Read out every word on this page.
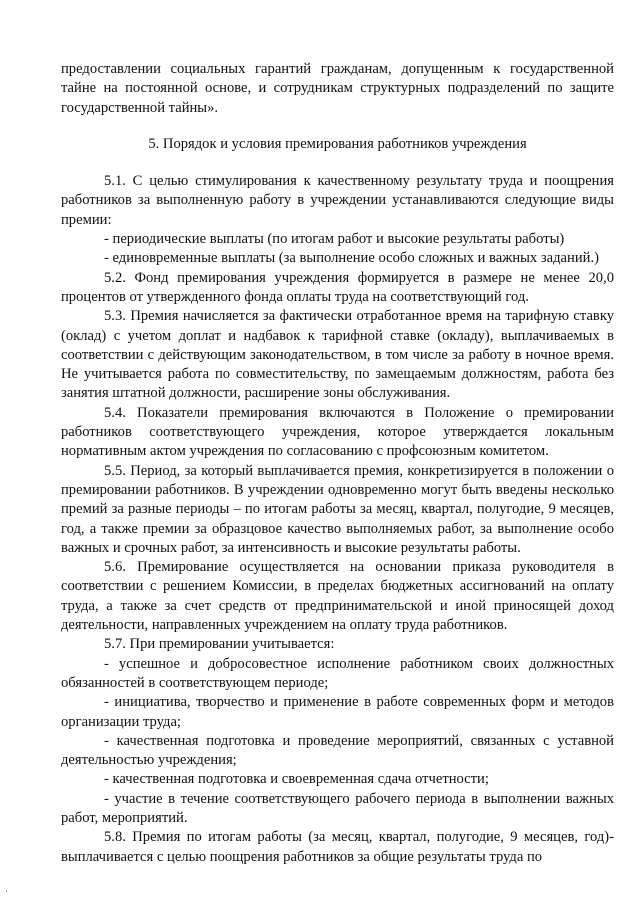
предоставлении социальных гарантий гражданам, допущенным к государственной тайне на постоянной основе, и сотрудникам структурных подразделений по защите государственной тайны».

5. Порядок и условия премирования работников учреждения

5.1. С целью стимулирования к качественному результату труда и поощрения работников за выполненную работу в учреждении устанавливаются следующие виды премии:

- периодические выплаты (по итогам работ и высокие результаты работы)

- единовременные выплаты (за выполнение особо сложных и важных заданий.)

5.2. Фонд премирования учреждения формируется в размере не менее 20,0 процентов от утвержденного фонда оплаты труда на соответствующий год.

5.3. Премия начисляется за фактически отработанное время на тарифную ставку (оклад) с учетом доплат и надбавок к тарифной ставке (окладу), выплачиваемых в соответствии с действующим законодательством, в том числе за работу в ночное время. Не учитывается работа по совместительству, по замещаемым должностям, работа без занятия штатной должности, расширение зоны обслуживания.

5.4. Показатели премирования включаются в Положение о премировании работников соответствующего учреждения, которое утверждается локальным нормативным актом учреждения по согласованию с профсоюзным комитетом.

5.5. Период, за который выплачивается премия, конкретизируется в положении о премировании работников. В учреждении одновременно могут быть введены несколько премий за разные периоды – по итогам работы за месяц, квартал, полугодие, 9 месяцев, год, а также премии за образцовое качество выполняемых работ, за выполнение особо важных и срочных работ, за интенсивность и высокие результаты работы.

5.6. Премирование осуществляется на основании приказа руководителя в соответствии с решением Комиссии, в пределах бюджетных ассигнований на оплату труда, а также за счет средств от предпринимательской и иной приносящей доход деятельности, направленных учреждением на оплату труда работников.

5.7. При премировании учитывается:

- успешное и добросовестное исполнение работником своих должностных обязанностей в соответствующем периоде;

- инициатива, творчество и применение в работе современных форм и методов организации труда;

- качественная подготовка и проведение мероприятий, связанных с уставной деятельностью учреждения;

- качественная подготовка и своевременная сдача отчетности;

- участие в течение соответствующего рабочего периода в выполнении важных работ, мероприятий.

5.8. Премия по итогам работы (за месяц, квартал, полугодие, 9 месяцев, год)- выплачивается с целью поощрения работников за общие результаты труда по
